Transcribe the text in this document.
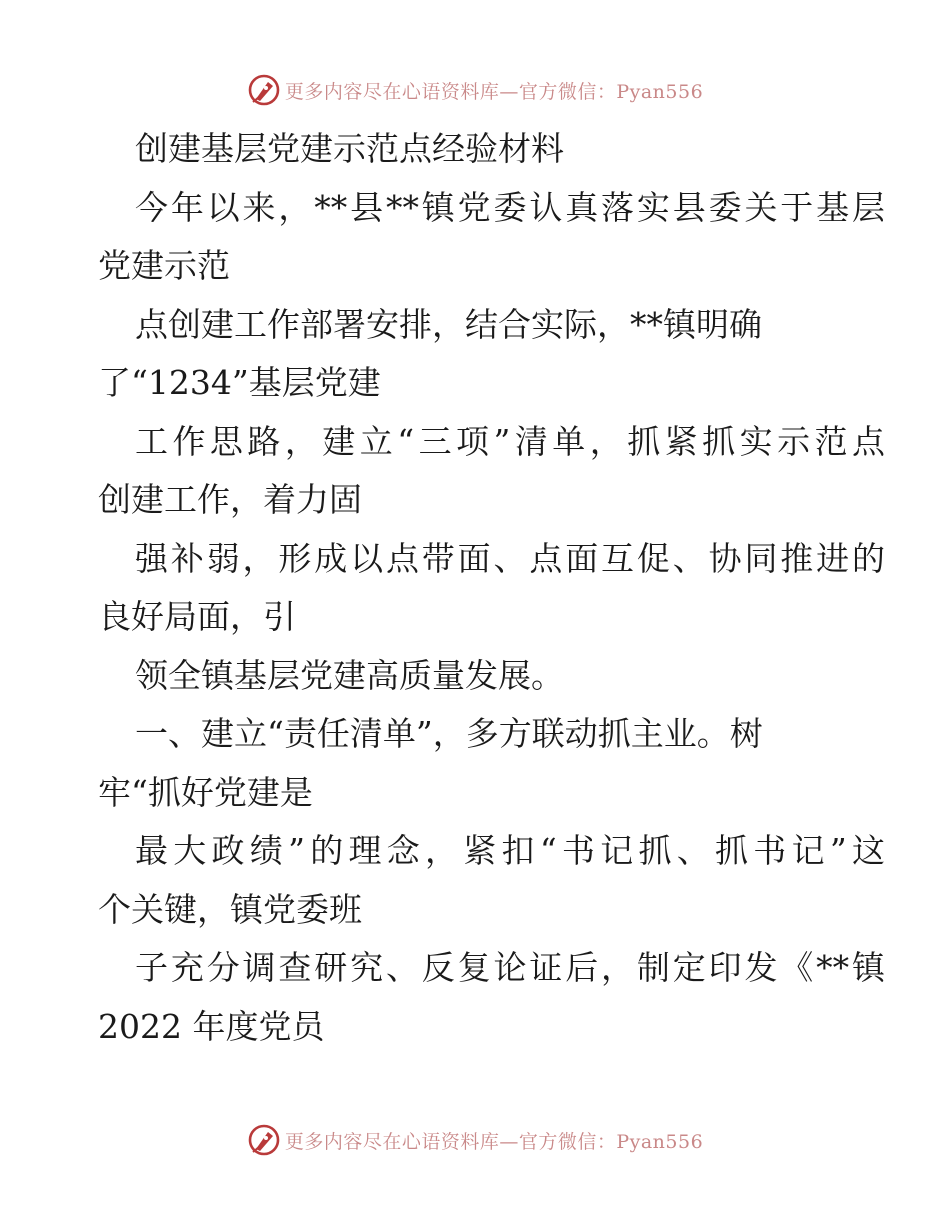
更多内容尽在心语资料库—官方微信：Pyan556
创建基层党建示范点经验材料
今年以来，**县**镇党委认真落实县委关于基层
党建示范
点创建工作部署安排，结合实际，**镇明确
了“1234”基层党建
工作思路，建立“三项”清单，抓紧抓实示范点
创建工作，着力固
强补弱，形成以点带面、点面互促、协同推进的
良好局面，引
领全镇基层党建高质量发展。
一、建立“责任清单”，多方联动抓主业。树
牢“抓好党建是
最大政绩”的理念，紧扣“书记抓、抓书记”这
个关键，镇党委班
子充分调查研究、反复论证后，制定印发《**镇
2022 年度党员
更多内容尽在心语资料库—官方微信：Pyan556
